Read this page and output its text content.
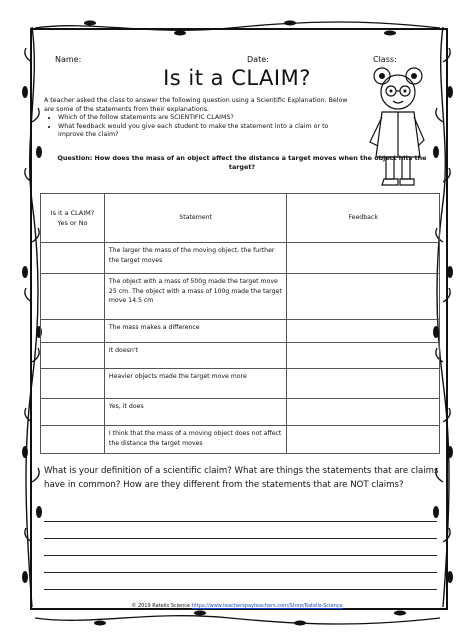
Name:	Date:	Class:
Is it a CLAIM?
A teacher asked the class to answer the following question using a Scientific Explanation. Below are some of the statements from their explanations.
• Which of the follow statements are SCIENTIFIC CLAIMS?
• What feedback would you give each student to make the statement into a claim or to improve the claim?
Question: How does the mass of an object affect the distance a target moves when the object hits the target?
Is it a CLAIM? Yes or No	Statement	Feedback
	The larger the mass of the moving object, the further the target moves	
	The object with a mass of 500g made the target move 25 cm. The object with a mass of 100g made the target move 14.5 cm	
	The mass makes a difference	
	It doesn't	
	Heavier objects made the target move more	
	Yes, it does	
	I think that the mass of a moving object does not affect the distance the target moves	
What is your definition of a scientific claim? What are things the statements that are claims have in common? How are they different from the statements that are NOT claims?
© 2019 Ratelis Science https://www.teacherspayteachers.com/Store/Ratelis-Science
